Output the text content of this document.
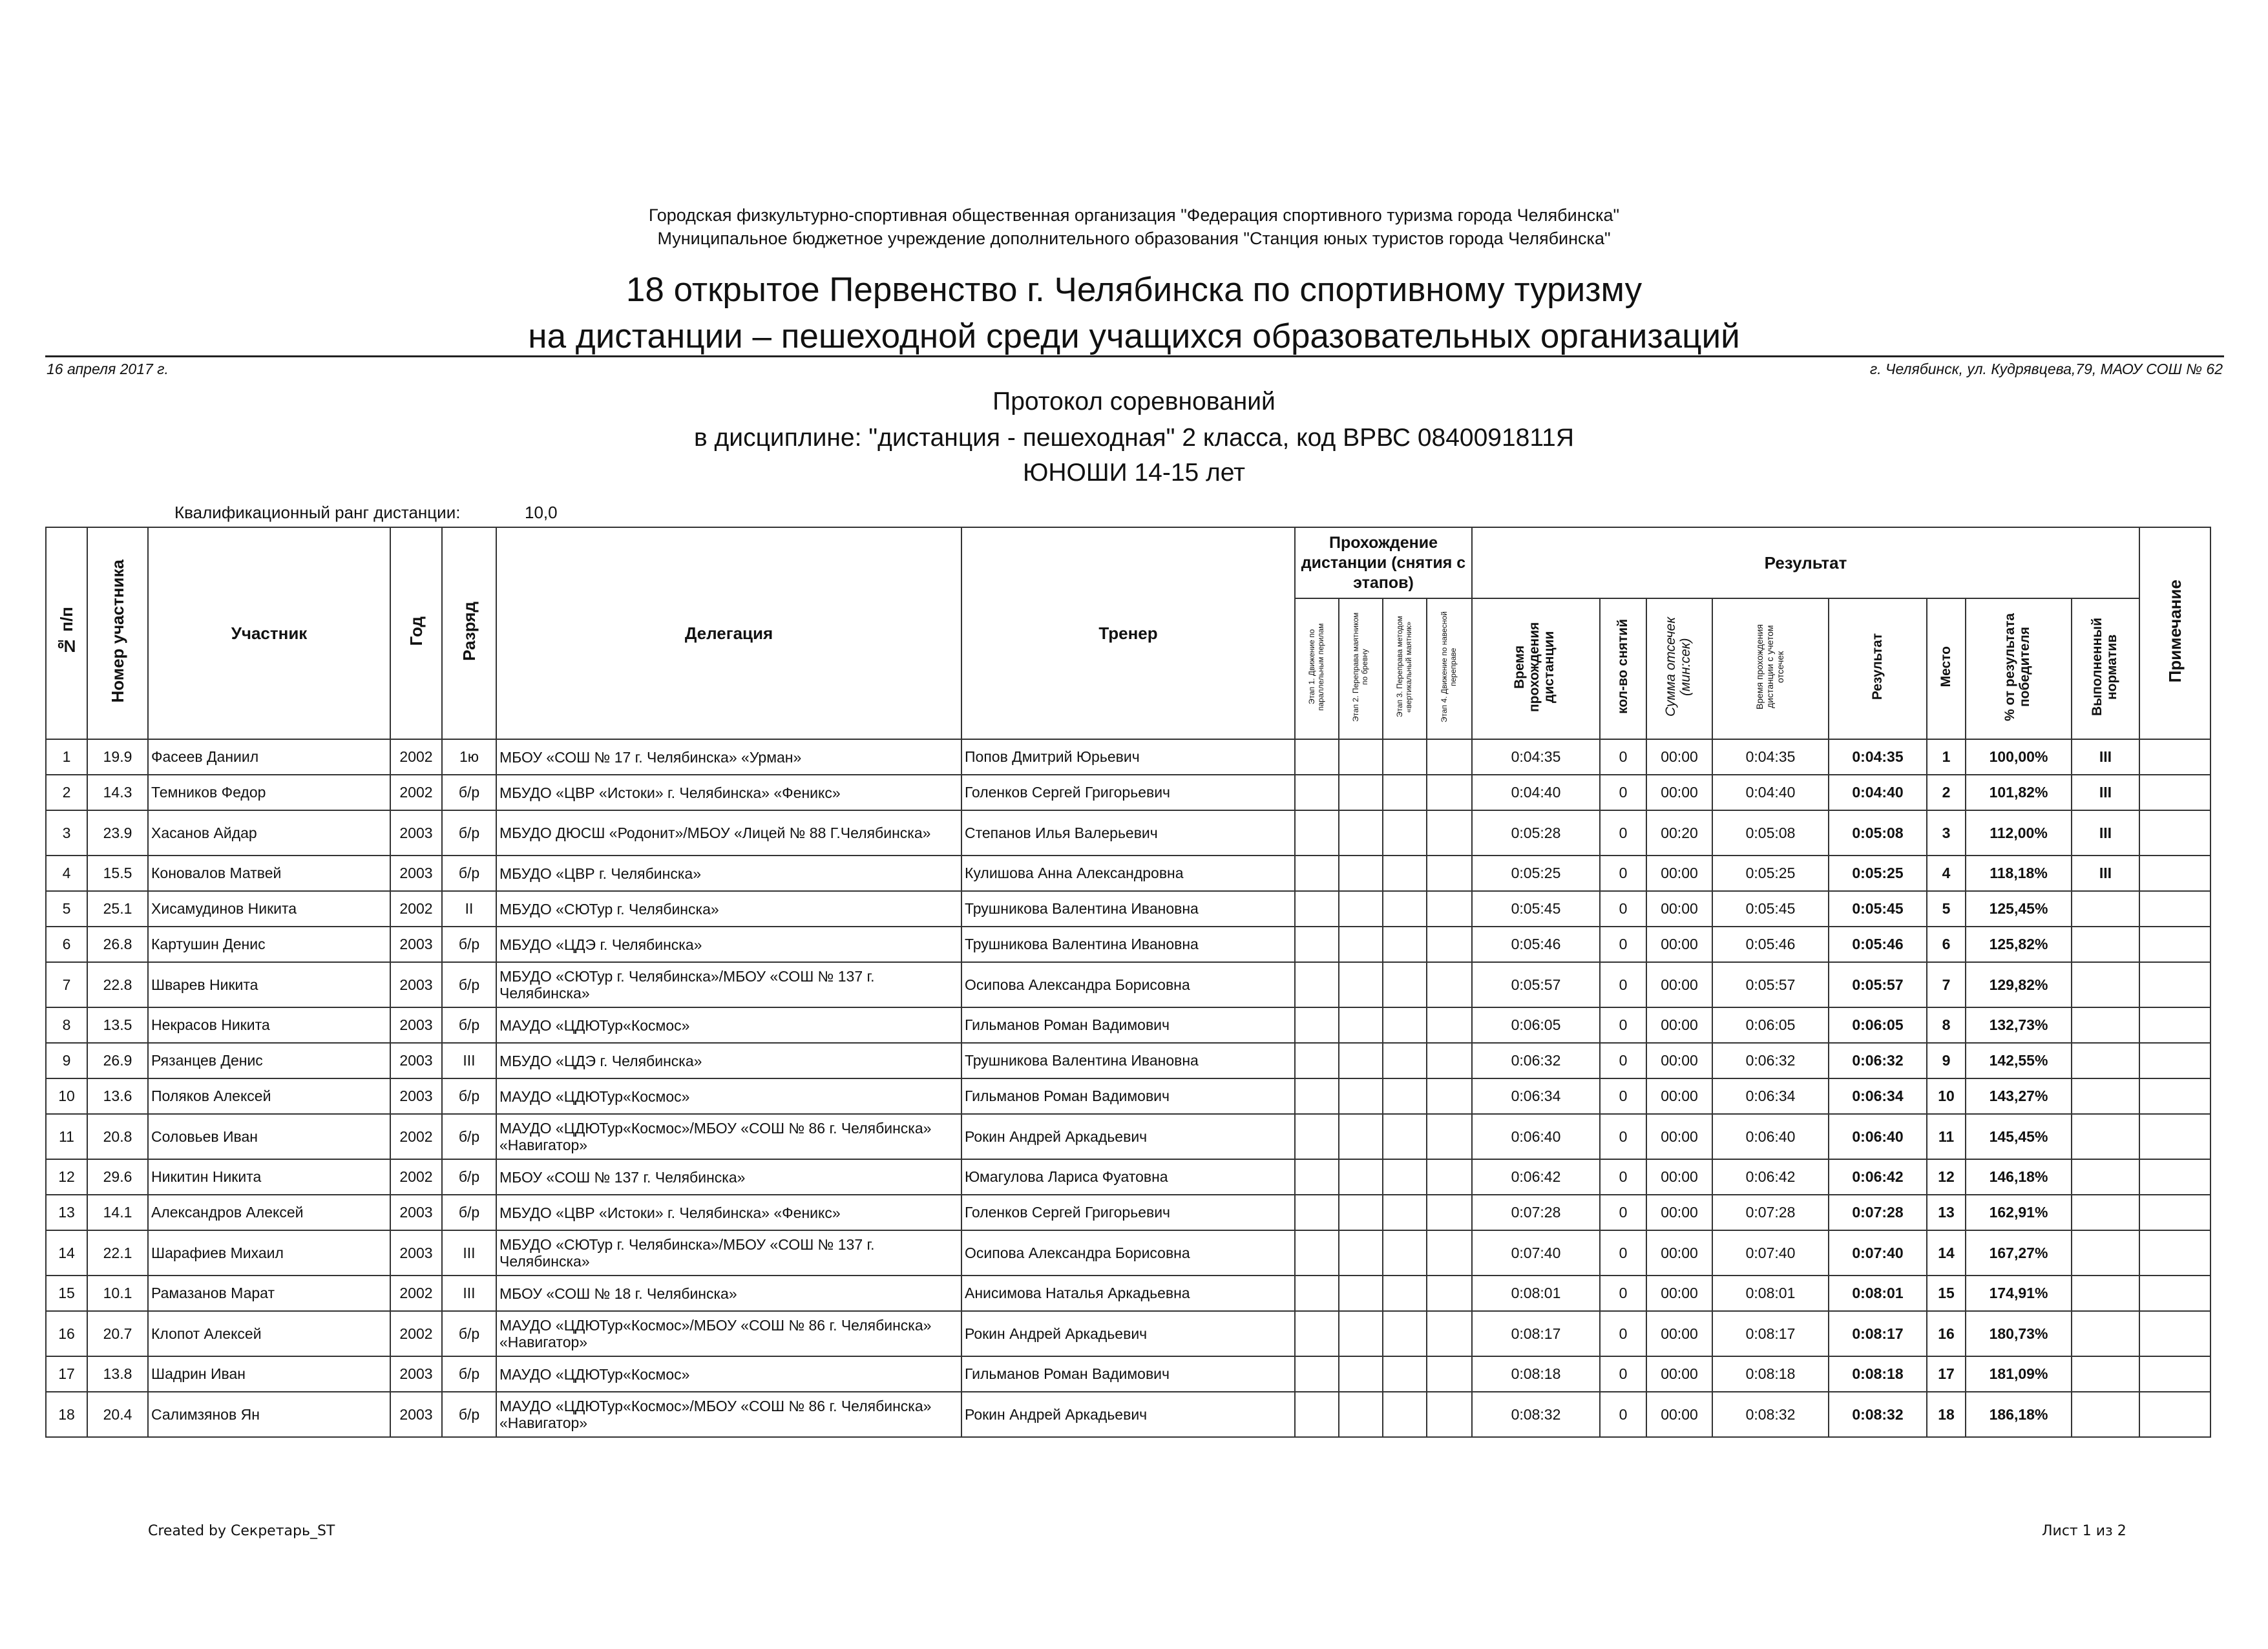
Городская физкультурно-спортивная общественная организация "Федерация спортивного туризма города Челябинска"
Муниципальное бюджетное учреждение дополнительного образования "Станция юных туристов города Челябинска"
18 открытое Первенство г. Челябинска по спортивному туризму
на дистанции – пешеходной среди учащихся образовательных организаций
16 апреля 2017 г.	г. Челябинск, ул. Кудрявцева,79, МАОУ СОШ № 62
Протокол соревнований
в дисциплине: "дистанция - пешеходная" 2 класса, код ВРВС 0840091811Я
ЮНОШИ 14-15 лет
Квалификационный ранг дистанции:	10,0
№ п/п	Номер участника	Участник	Год	Разряд	Делегация	Тренер	Прохождение дистанции (снятия с этапов)				Результат								Примечание
							Этап 1. Движение по параллельным перилам	Этап 2. Переправа маятником по бревну	Этап 3. Переправа методом «вертикальный маятник»	Этап 4. Движение по навесной переправе	Время прохождения дистанции	кол-во снятий	Сумма отсечек (мин:сек)	Время прохождения дистанции с учетом отсечек	Результат	Место	% от результата победителя	Выполненный норматив	
1	19.9	Фасеев Даниил	2002	1ю	МБОУ «СОШ № 17 г. Челябинска» «Урман»	Попов Дмитрий Юрьевич					0:04:35	0	00:00	0:04:35	0:04:35	1	100,00%	III	
2	14.3	Темников Федор	2002	б/р	МБУДО «ЦВР «Истоки» г. Челябинска» «Феникс»	Голенков Сергей Григорьевич					0:04:40	0	00:00	0:04:40	0:04:40	2	101,82%	III	
3	23.9	Хасанов Айдар	2003	б/р	МБУДО ДЮСШ «Родонит»/МБОУ «Лицей № 88 Г.Челябинска»	Степанов Илья Валерьевич					0:05:28	0	00:20	0:05:08	0:05:08	3	112,00%	III	
4	15.5	Коновалов Матвей	2003	б/р	МБУДО «ЦВР г. Челябинска»	Кулишова Анна Александровна					0:05:25	0	00:00	0:05:25	0:05:25	4	118,18%	III	
5	25.1	Хисамудинов Никита	2002	II	МБУДО «СЮТур г. Челябинска»	Трушникова Валентина Ивановна					0:05:45	0	00:00	0:05:45	0:05:45	5	125,45%		
6	26.8	Картушин Денис	2003	б/р	МБУДО «ЦДЭ г. Челябинска»	Трушникова Валентина Ивановна					0:05:46	0	00:00	0:05:46	0:05:46	6	125,82%		
7	22.8	Шварев Никита	2003	б/р	МБУДО «СЮТур г. Челябинска»/МБОУ «СОШ № 137 г. Челябинска»	Осипова Александра Борисовна					0:05:57	0	00:00	0:05:57	0:05:57	7	129,82%		
8	13.5	Некрасов Никита	2003	б/р	МАУДО «ЦДЮТур«Космос»	Гильманов Роман Вадимович					0:06:05	0	00:00	0:06:05	0:06:05	8	132,73%		
9	26.9	Рязанцев Денис	2003	III	МБУДО «ЦДЭ г. Челябинска»	Трушникова Валентина Ивановна					0:06:32	0	00:00	0:06:32	0:06:32	9	142,55%		
10	13.6	Поляков Алексей	2003	б/р	МАУДО «ЦДЮТур«Космос»	Гильманов Роман Вадимович					0:06:34	0	00:00	0:06:34	0:06:34	10	143,27%		
11	20.8	Соловьев Иван	2002	б/р	МАУДО «ЦДЮТур«Космос»/МБОУ «СОШ № 86 г. Челябинска» «Навигатор»	Рокин Андрей Аркадьевич					0:06:40	0	00:00	0:06:40	0:06:40	11	145,45%		
12	29.6	Никитин Никита	2002	б/р	МБОУ «СОШ № 137 г. Челябинска»	Юмагулова Лариса Фуатовна					0:06:42	0	00:00	0:06:42	0:06:42	12	146,18%		
13	14.1	Александров Алексей	2003	б/р	МБУДО «ЦВР «Истоки» г. Челябинска» «Феникс»	Голенков Сергей Григорьевич					0:07:28	0	00:00	0:07:28	0:07:28	13	162,91%		
14	22.1	Шарафиев Михаил	2003	III	МБУДО «СЮТур г. Челябинска»/МБОУ «СОШ № 137 г. Челябинска»	Осипова Александра Борисовна					0:07:40	0	00:00	0:07:40	0:07:40	14	167,27%		
15	10.1	Рамазанов Марат	2002	III	МБОУ «СОШ № 18 г. Челябинска»	Анисимова Наталья Аркадьевна					0:08:01	0	00:00	0:08:01	0:08:01	15	174,91%		
16	20.7	Клопот Алексей	2002	б/р	МАУДО «ЦДЮТур«Космос»/МБОУ «СОШ № 86 г. Челябинска» «Навигатор»	Рокин Андрей Аркадьевич					0:08:17	0	00:00	0:08:17	0:08:17	16	180,73%		
17	13.8	Шадрин Иван	2003	б/р	МАУДО «ЦДЮТур«Космос»	Гильманов Роман Вадимович					0:08:18	0	00:00	0:08:18	0:08:18	17	181,09%		
18	20.4	Салимзянов Ян	2003	б/р	МАУДО «ЦДЮТур«Космос»/МБОУ «СОШ № 86 г. Челябинска» «Навигатор»	Рокин Андрей Аркадьевич					0:08:32	0	00:00	0:08:32	0:08:32	18	186,18%		
Created by Секретарь_ST	Лист 1 из 2
